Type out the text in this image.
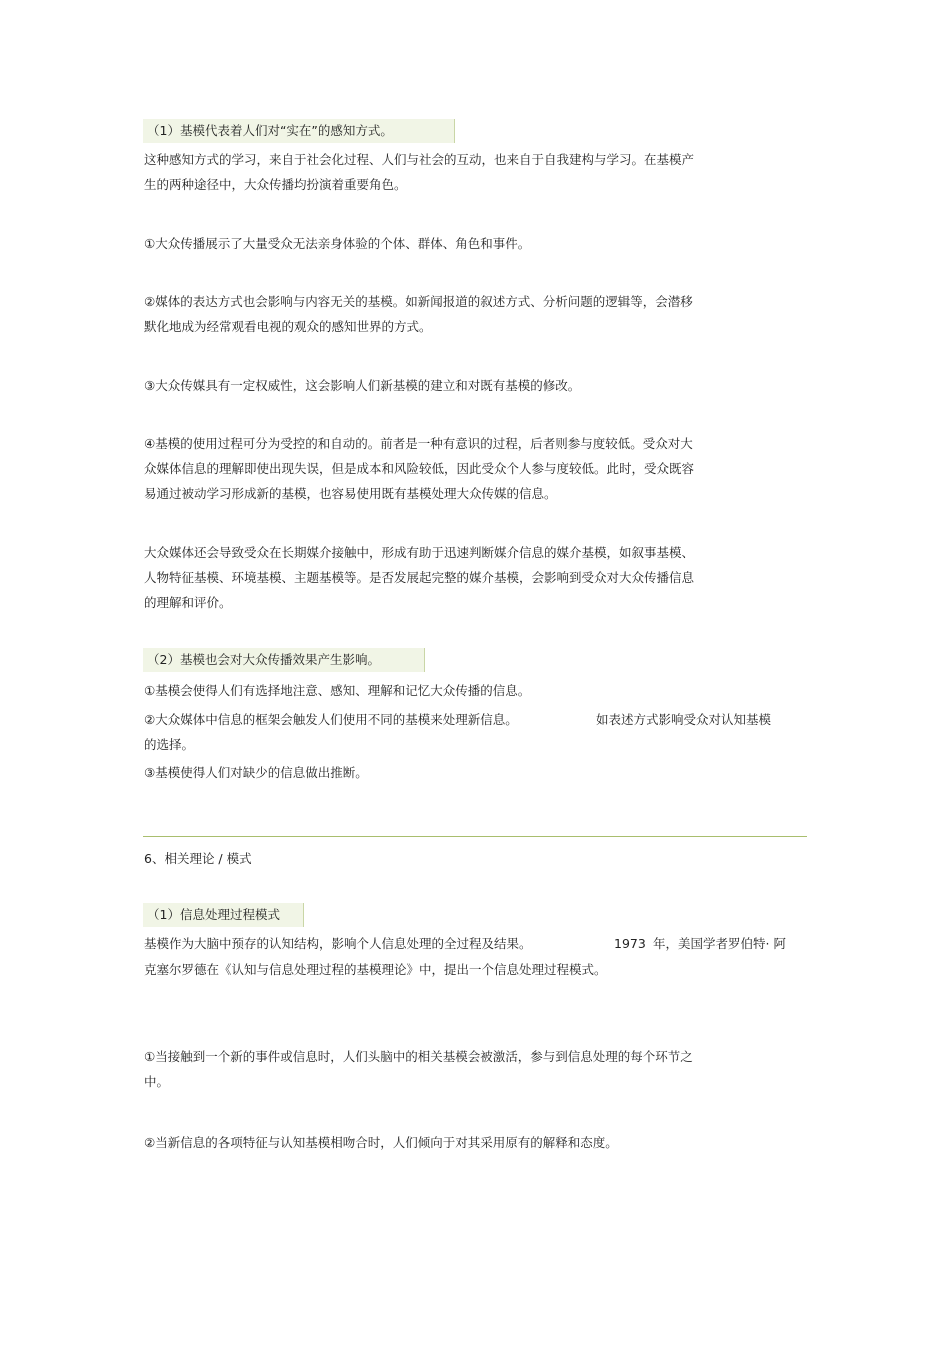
（1）基模代表着人们对“实在”的感知方式。
这种感知方式的学习，来自于社会化过程、人们与社会的互动，也来自于自我建构与学习。在基模产
生的两种途径中，大众传播均扮演着重要角色。
①大众传播展示了大量受众无法亲身体验的个体、群体、角色和事件。
②媒体的表达方式也会影响与内容无关的基模。如新闻报道的叙述方式、分析问题的逻辑等，会潜移
默化地成为经常观看电视的观众的感知世界的方式。
③大众传媒具有一定权威性，这会影响人们新基模的建立和对既有基模的修改。
④基模的使用过程可分为受控的和自动的。前者是一种有意识的过程，后者则参与度较低。受众对大
众媒体信息的理解即使出现失误，但是成本和风险较低，因此受众个人参与度较低。此时，受众既容
易通过被动学习形成新的基模，也容易使用既有基模处理大众传媒的信息。
大众媒体还会导致受众在长期媒介接触中，形成有助于迅速判断媒介信息的媒介基模，如叙事基模、
人物特征基模、环境基模、主题基模等。是否发展起完整的媒介基模，会影响到受众对大众传播信息
的理解和评价。
（2）基模也会对大众传播效果产生影响。
①基模会使得人们有选择地注意、感知、理解和记忆大众传播的信息。
②大众媒体中信息的框架会触发人们使用不同的基模来处理新信息。	如表述方式影响受众对认知基模
的选择。
③基模使得人们对缺少的信息做出推断。
6、相关理论 / 模式
（1）信息处理过程模式
基模作为大脑中预存的认知结构，影响个人信息处理的全过程及结果。	1973 年，美国学者罗伯特· 阿
克塞尔罗德在《认知与信息处理过程的基模理论》中，提出一个信息处理过程模式。
①当接触到一个新的事件或信息时，人们头脑中的相关基模会被激活，参与到信息处理的每个环节之
中。
②当新信息的各项特征与认知基模相吻合时，人们倾向于对其采用原有的解释和态度。
